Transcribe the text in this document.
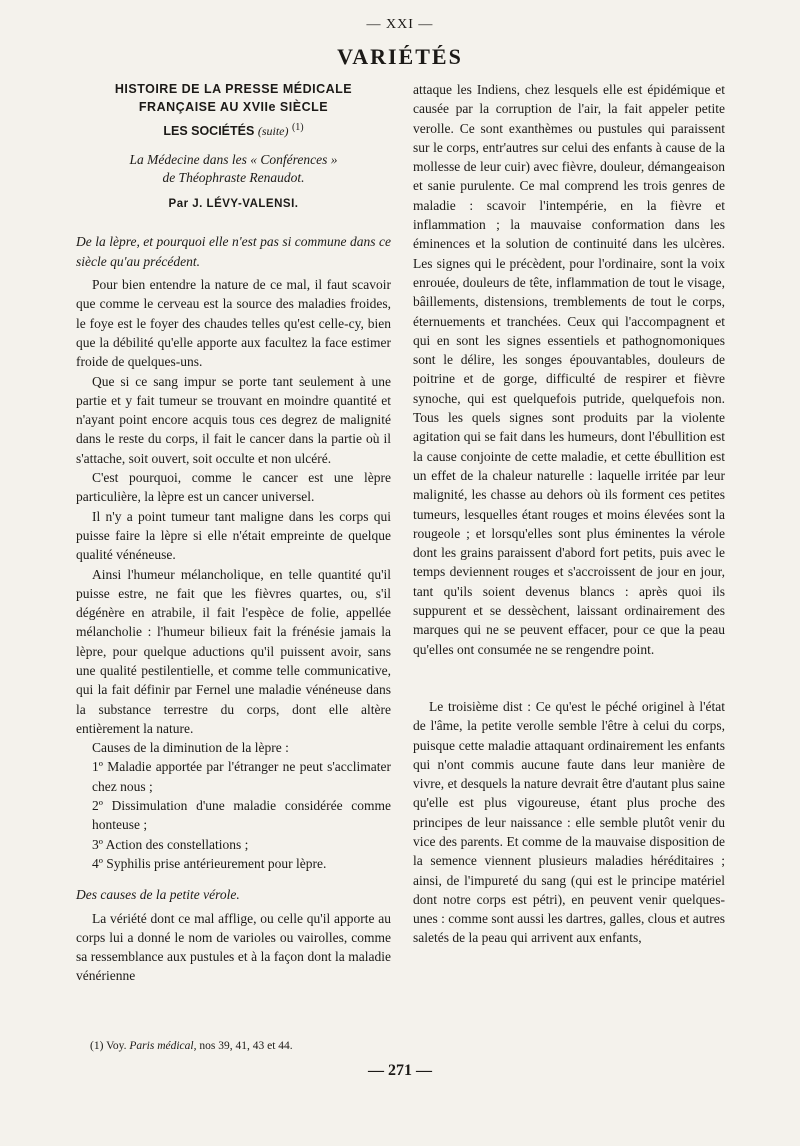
— XXI —
VARIÉTÉS
HISTOIRE DE LA PRESSE MÉDICALE
FRANÇAISE AU XVIIe SIÈCLE
LES SOCIÉTÉS (suite) $^{(1)}$
La Médecine dans les « Conférences »
de Théophraste Renaudot.
Par J. LÉVY-VALENSI.

De la lèpre, et pourquoi elle n'est pas si commune dans ce siècle qu'au précédent.

Pour bien entendre la nature de ce mal, il faut scavoir que comme le cerveau est la source des maladies froides, le foye est le foyer des chaudes telles qu'est celle-cy, bien que la débilité qu'elle apporte aux facultez la face estimer froide de quelques-uns.

Que si ce sang impur se porte tant seulement à une partie et y fait tumeur se trouvant en moindre quantité et n'ayant point encore acquis tous ces degrez de malignité dans le reste du corps, il fait le cancer dans la partie où il s'attache, soit ouvert, soit occulte et non ulcéré.

C'est pourquoi, comme le cancer est une lèpre particulière, la lèpre est un cancer universel.

Il n'y a point tumeur tant maligne dans les corps qui puisse faire la lèpre si elle n'était empreinte de quelque qualité vénéneuse.

Ainsi l'humeur mélancholique, en telle quantité qu'il puisse estre, ne fait que les fièvres quartes, ou, s'il dégénère en atrabile, il fait l'espèce de folie, appellée mélancholie : l'humeur bilieux fait la frénésie jamais la lèpre, pour quelque aductions qu'il puissent avoir, sans une qualité pestilentielle, et comme telle communicative, qui la fait définir par Fernel une maladie vénéneuse dans la substance terrestre du corps, dont elle altère entièrement la nature.

Causes de la diminution de la lèpre :

1º Maladie apportée par l'étranger ne peut s'acclimater chez nous ;

2º Dissimulation d'une maladie considérée comme honteuse ;

3º Action des constellations ;

4º Syphilis prise antérieurement pour lèpre.

Des causes de la petite vérole.

La vériété dont ce mal afflige, ou celle qu'il apporte au corps lui a donné le nom de varioles ou vairolles, comme sa ressemblance aux pustules et à la façon dont la maladie vénérienne

attaque les Indiens, chez lesquels elle est épidémique et causée par la corruption de l'air, la fait appeler petite verolle. Ce sont exanthèmes ou pustules qui paraissent sur le corps, entr'autres sur celui des enfants à cause de la mollesse de leur cuir) avec fièvre, douleur, démangeaison et sanie purulente. Ce mal comprend les trois genres de maladie : scavoir l'intempérie, en la fièvre et inflammation ; la mauvaise conformation dans les éminences et la solution de continuité dans les ulcères. Les signes qui le précèdent, pour l'ordinaire, sont la voix enrouée, douleurs de tête, inflammation de tout le visage, bâillements, distensions, tremblements de tout le corps, éternuements et tranchées. Ceux qui l'accompagnent et qui en sont les signes essentiels et pathognomoniques sont le délire, les songes épouvantables, douleurs de poitrine et de gorge, difficulté de respirer et fièvre synoche, qui est quelquefois putride, quelquefois non. Tous les quels signes sont produits par la violente agitation qui se fait dans les humeurs, dont l'ébullition est la cause conjointe de cette maladie, et cette ébullition est un effet de la chaleur naturelle : laquelle irritée par leur malignité, les chasse au dehors où ils forment ces petites tumeurs, lesquelles étant rouges et moins élevées sont la rougeole ; et lorsqu'elles sont plus éminentes la vérole dont les grains paraissent d'abord fort petits, puis avec le temps deviennent rouges et s'accroissent de jour en jour, tant qu'ils soient devenus blancs : après quoi ils suppurent et se dessèchent, laissant ordinairement des marques qui ne se peuvent effacer, pour ce que la peau qu'elles ont consumée ne se rengendre point.

Le troisième dist : Ce qu'est le péché originel à l'état de l'âme, la petite verolle semble l'être à celui du corps, puisque cette maladie attaquant ordinairement les enfants qui n'ont commis aucune faute dans leur manière de vivre, et desquels la nature devrait être d'autant plus saine qu'elle est plus vigoureuse, étant plus proche des principes de leur naissance : elle semble plutôt venir du vice des parents. Et comme de la mauvaise disposition de la semence viennent plusieurs maladies héréditaires ; ainsi, de l'impureté du sang (qui est le principe matériel dont notre corps est pétri), en peuvent venir quelques-unes : comme sont aussi les dartres, galles, clous et autres saletés de la peau qui arrivent aux enfants,

(1) Voy. Paris médical, nos 39, 41, 43 et 44.
— 271 —
